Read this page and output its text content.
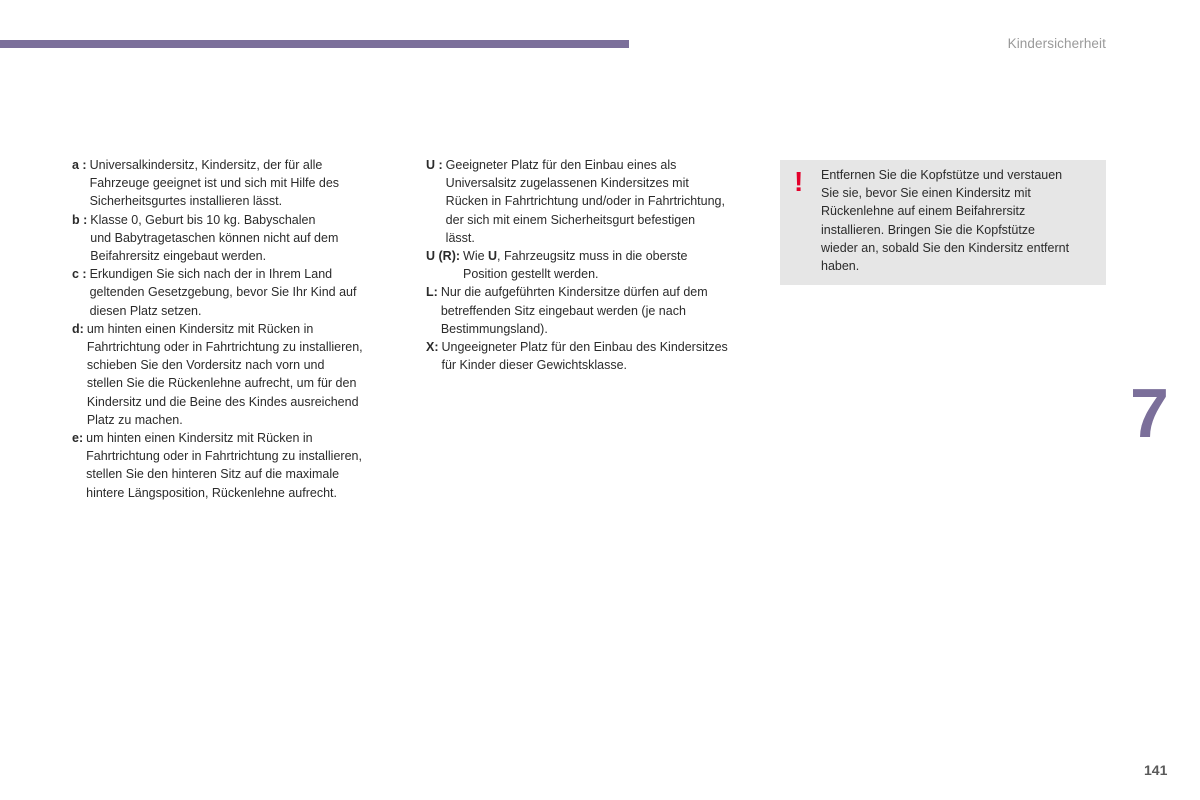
Kindersicherheit
a : Universalkindersitz, Kindersitz, der für alle
Fahrzeuge geeignet ist und sich mit Hilfe des
Sicherheitsgurtes installieren lässt.
b : Klasse 0, Geburt bis 10 kg. Babyschalen
und Babytragetaschen können nicht auf dem
Beifahrersitz eingebaut werden.
c : Erkundigen Sie sich nach der in Ihrem Land
geltenden Gesetzgebung, bevor Sie Ihr Kind auf
diesen Platz setzen.
d: um hinten einen Kindersitz mit Rücken in
Fahrtrichtung oder in Fahrtrichtung zu installieren,
schieben Sie den Vordersitz nach vorn und
stellen Sie die Rückenlehne aufrecht, um für den
Kindersitz und die Beine des Kindes ausreichend
Platz zu machen.
e: um hinten einen Kindersitz mit Rücken in
Fahrtrichtung oder in Fahrtrichtung zu installieren,
stellen Sie den hinteren Sitz auf die maximale
hintere Längsposition, Rückenlehne aufrecht.
U : Geeigneter Platz für den Einbau eines als
Universalsitz zugelassenen Kindersitzes mit
Rücken in Fahrtrichtung und/oder in Fahrtrichtung,
der sich mit einem Sicherheitsgurt befestigen
lässt.
U (R): Wie U, Fahrzeugsitz muss in die oberste
Position gestellt werden.
L: Nur die aufgeführten Kindersitze dürfen auf dem
betreffenden Sitz eingebaut werden (je nach
Bestimmungsland).
X: Ungeeigneter Platz für den Einbau des Kindersitzes
für Kinder dieser Gewichtsklasse.
! Entfernen Sie die Kopfstütze und verstauen
Sie sie, bevor Sie einen Kindersitz mit
Rückenlehne auf einem Beifahrersitz
installieren. Bringen Sie die Kopfstütze
wieder an, sobald Sie den Kindersitz entfernt
haben.
7
141
